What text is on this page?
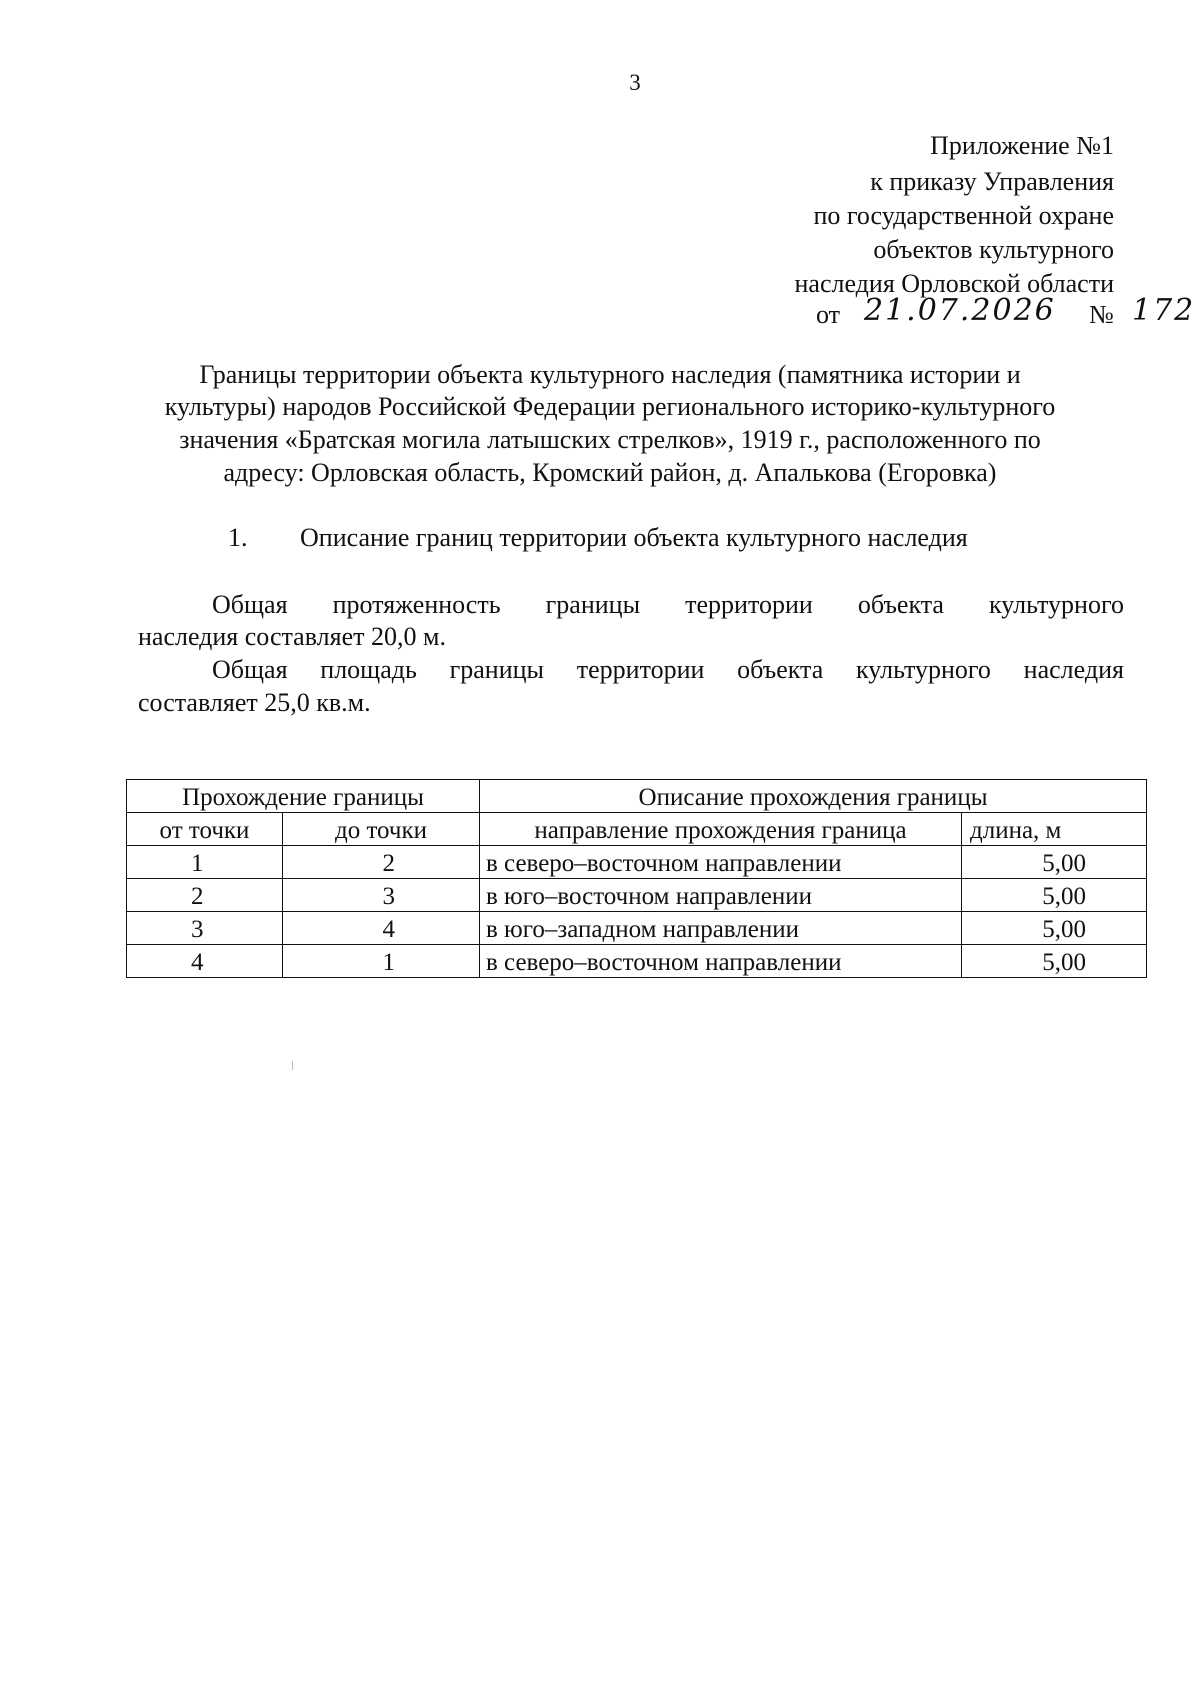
3
Приложение №1
к приказу Управления
по государственной охране
объектов культурного
наследия Орловской области
от 21.07.2026 № 172
Границы территории объекта культурного наследия (памятника истории и
культуры) народов Российской Федерации регионального историко-культурного
значения «Братская могила латышских стрелков», 1919 г., расположенного по
адресу: Орловская область, Кромский район, д. Апалькова (Егоровка)
1. Описание границ территории объекта культурного наследия
Общая протяженность границы территории объекта культурного
наследия составляет 20,0 м.
Общая площадь границы территории объекта культурного наследия
составляет 25,0 кв.м.
Прохождение границы		Описание прохождения границы	
от точки	до точки	направление прохождения граница	длина, м
1	2	в северо–восточном направлении	5,00
2	3	в юго–восточном направлении	5,00
3	4	в юго–западном направлении	5,00
4	1	в северо–восточном направлении	5,00
